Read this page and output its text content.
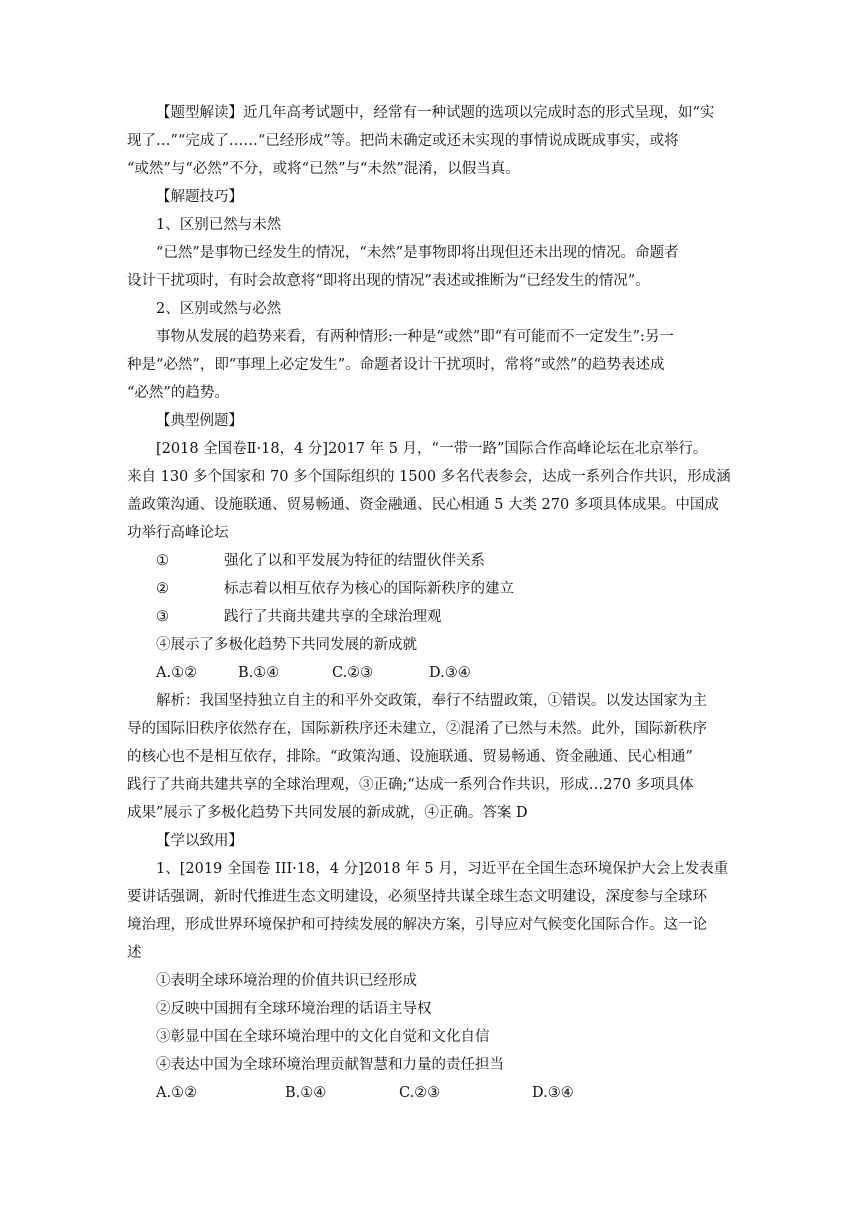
【题型解读】近几年高考试题中，经常有一种试题的选项以完成时态的形式呈现，如“实
现了…”“完成了……“已经形成”等。把尚未确定或还未实现的事情说成既成事实，或将
“或然”与“必然”不分，或将“已然”与“未然”混淆，以假当真。
【解题技巧】
1、区别已然与未然
“已然”是事物已经发生的情况，“未然”是事物即将出现但还未出现的情况。命题者
设计干扰项时，有时会故意将“即将出现的情况”表述或推断为“已经发生的情况”。
2、区别或然与必然
事物从发展的趋势来看，有两种情形:一种是“或然”即“有可能而不一定发生”:另一
种是“必然”，即“事理上必定发生”。命题者设计干扰项时，常将“或然”的趋势表述成
“必然”的趋势。
【典型例题】
[2018 全国卷Ⅱ·18，4 分]2017 年 5 月，“一带一路”国际合作高峰论坛在北京举行。
来自 130 多个国家和 70 多个国际组织的 1500 多名代表参会，达成一系列合作共识，形成涵
盖政策沟通、设施联通、贸易畅通、资金融通、民心相通 5 大类 270 多项具体成果。中国成
功举行高峰论坛
①	强化了以和平发展为特征的结盟伙伴关系
②	标志着以相互依存为核心的国际新秩序的建立
③	践行了共商共建共享的全球治理观
④展示了多极化趋势下共同发展的新成就
A.①②	B.①④	C.②③	D.③④
解析：我国坚持独立自主的和平外交政策，奉行不结盟政策，①错误。以发达国家为主
导的国际旧秩序依然存在，国际新秩序还未建立，②混淆了已然与未然。此外，国际新秩序
的核心也不是相互依存，排除。“政策沟通、设施联通、贸易畅通、资金融通、民心相通”
践行了共商共建共享的全球治理观，③正确;“达成一系列合作共识，形成…270 多项具体
成果”展示了多极化趋势下共同发展的新成就，④正确。答案 D
【学以致用】
1、[2019 全国卷 III·18，4 分]2018 年 5 月，习近平在全国生态环境保护大会上发表重
要讲话强调，新时代推进生态文明建设，必须坚持共谋全球生态文明建设，深度参与全球环
境治理，形成世界环境保护和可持续发展的解决方案，引导应对气候变化国际合作。这一论
述
①表明全球环境治理的价值共识已经形成
②反映中国拥有全球环境治理的话语主导权
③彰显中国在全球环境治理中的文化自觉和文化自信
④表达中国为全球环境治理贡献智慧和力量的责任担当
A.①②	B.①④	C.②③	D.③④
